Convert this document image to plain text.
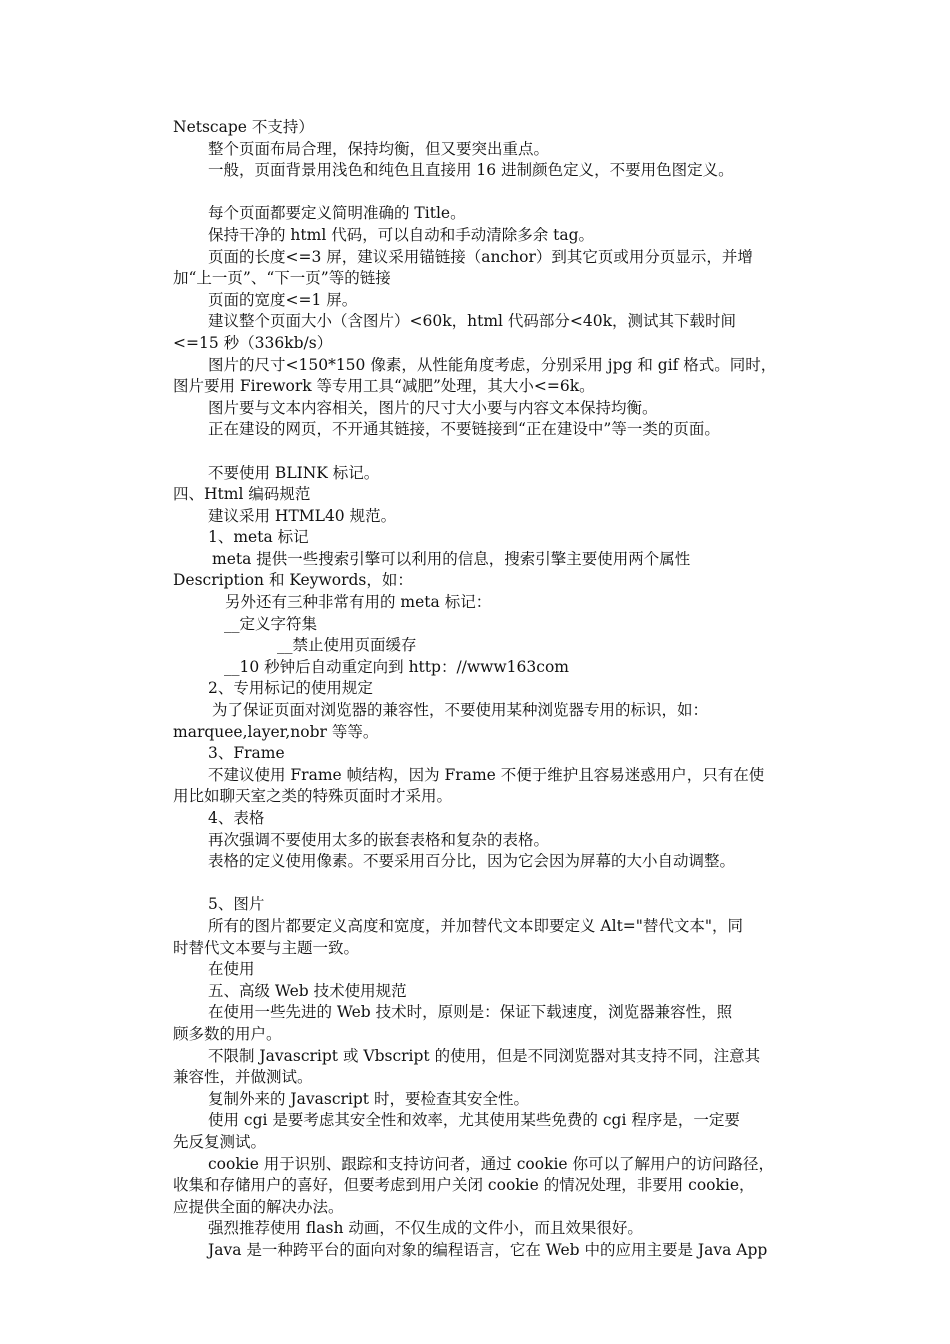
Netscape 不支持）
整个页面布局合理，保持均衡，但又要突出重点。
一般，页面背景用浅色和纯色且直接用 16 进制颜色定义，不要用色图定义。
每个页面都要定义简明准确的 Title。
保持干净的 html 代码，可以自动和手动清除多余 tag。
页面的长度<=3 屏，建议采用锚链接（anchor）到其它页或用分页显示，并增
加“上一页”、“下一页”等的链接
页面的宽度<=1 屏。
建议整个页面大小（含图片）<60k，html 代码部分<40k，测试其下载时间
<=15 秒（336kb/s）
图片的尺寸<150*150 像素，从性能角度考虑，分别采用 jpg 和 gif 格式。同时，
图片要用 Firework 等专用工具“减肥”处理，其大小<=6k。
图片要与文本内容相关，图片的尺寸大小要与内容文本保持均衡。
正在建设的网页，不开通其链接，不要链接到“正在建设中”等一类的页面。
不要使用 BLINK 标记。
四、Html 编码规范
建议采用 HTML40 规范。
1、meta 标记
meta 提供一些搜索引擎可以利用的信息，搜索引擎主要使用两个属性
Description 和 Keywords，如：
另外还有三种非常有用的 meta 标记：
__定义字符集
__禁止使用页面缓存
__10 秒钟后自动重定向到 http：//www163com
2、专用标记的使用规定
为了保证页面对浏览器的兼容性，不要使用某种浏览器专用的标识，如：
marquee,layer,nobr 等等。
3、Frame
不建议使用 Frame 帧结构，因为 Frame 不便于维护且容易迷惑用户，只有在使
用比如聊天室之类的特殊页面时才采用。
4、表格
再次强调不要使用太多的嵌套表格和复杂的表格。
表格的定义使用像素。不要采用百分比，因为它会因为屏幕的大小自动调整。
5、图片
所有的图片都要定义高度和宽度，并加替代文本即要定义 Alt="替代文本"，同
时替代文本要与主题一致。
在使用
五、高级 Web 技术使用规范
在使用一些先进的 Web 技术时，原则是：保证下载速度，浏览器兼容性，照
顾多数的用户。
不限制 Javascript 或 Vbscript 的使用，但是不同浏览器对其支持不同，注意其
兼容性，并做测试。
复制外来的 Javascript 时，要检查其安全性。
使用 cgi 是要考虑其安全性和效率，尤其使用某些免费的 cgi 程序是，一定要
先反复测试。
cookie 用于识别、跟踪和支持访问者，通过 cookie 你可以了解用户的访问路径，
收集和存储用户的喜好，但要考虑到用户关闭 cookie 的情况处理，非要用 cookie，
应提供全面的解决办法。
强烈推荐使用 flash 动画，不仅生成的文件小，而且效果很好。
Java 是一种跨平台的面向对象的编程语言，它在 Web 中的应用主要是 Java App
